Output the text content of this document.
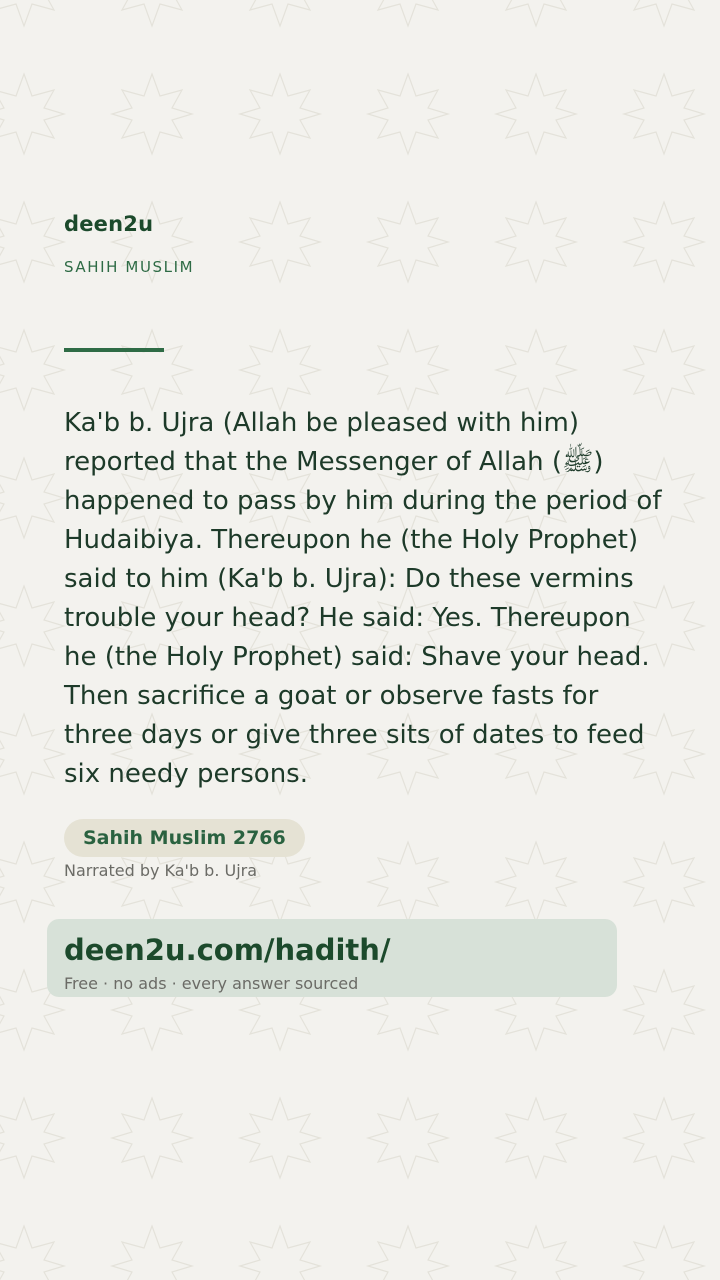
deen2u
SAHIH MUSLIM
Ka'b b. Ujra (Allah be pleased with him) reported that the Messenger of Allah (ﷺ) happened to pass by him during the period of Hudaibiya. Thereupon he (the Holy Prophet) said to him (Ka'b b. Ujra): Do these vermins trouble your head? He said: Yes. Thereupon he (the Holy Prophet) said: Shave your head. Then sacrifice a goat or observe fasts for three days or give three sits of dates to feed six needy persons.
Sahih Muslim 2766
Narrated by Ka'b b. Ujra
deen2u.com/hadith/
Free · no ads · every answer sourced
